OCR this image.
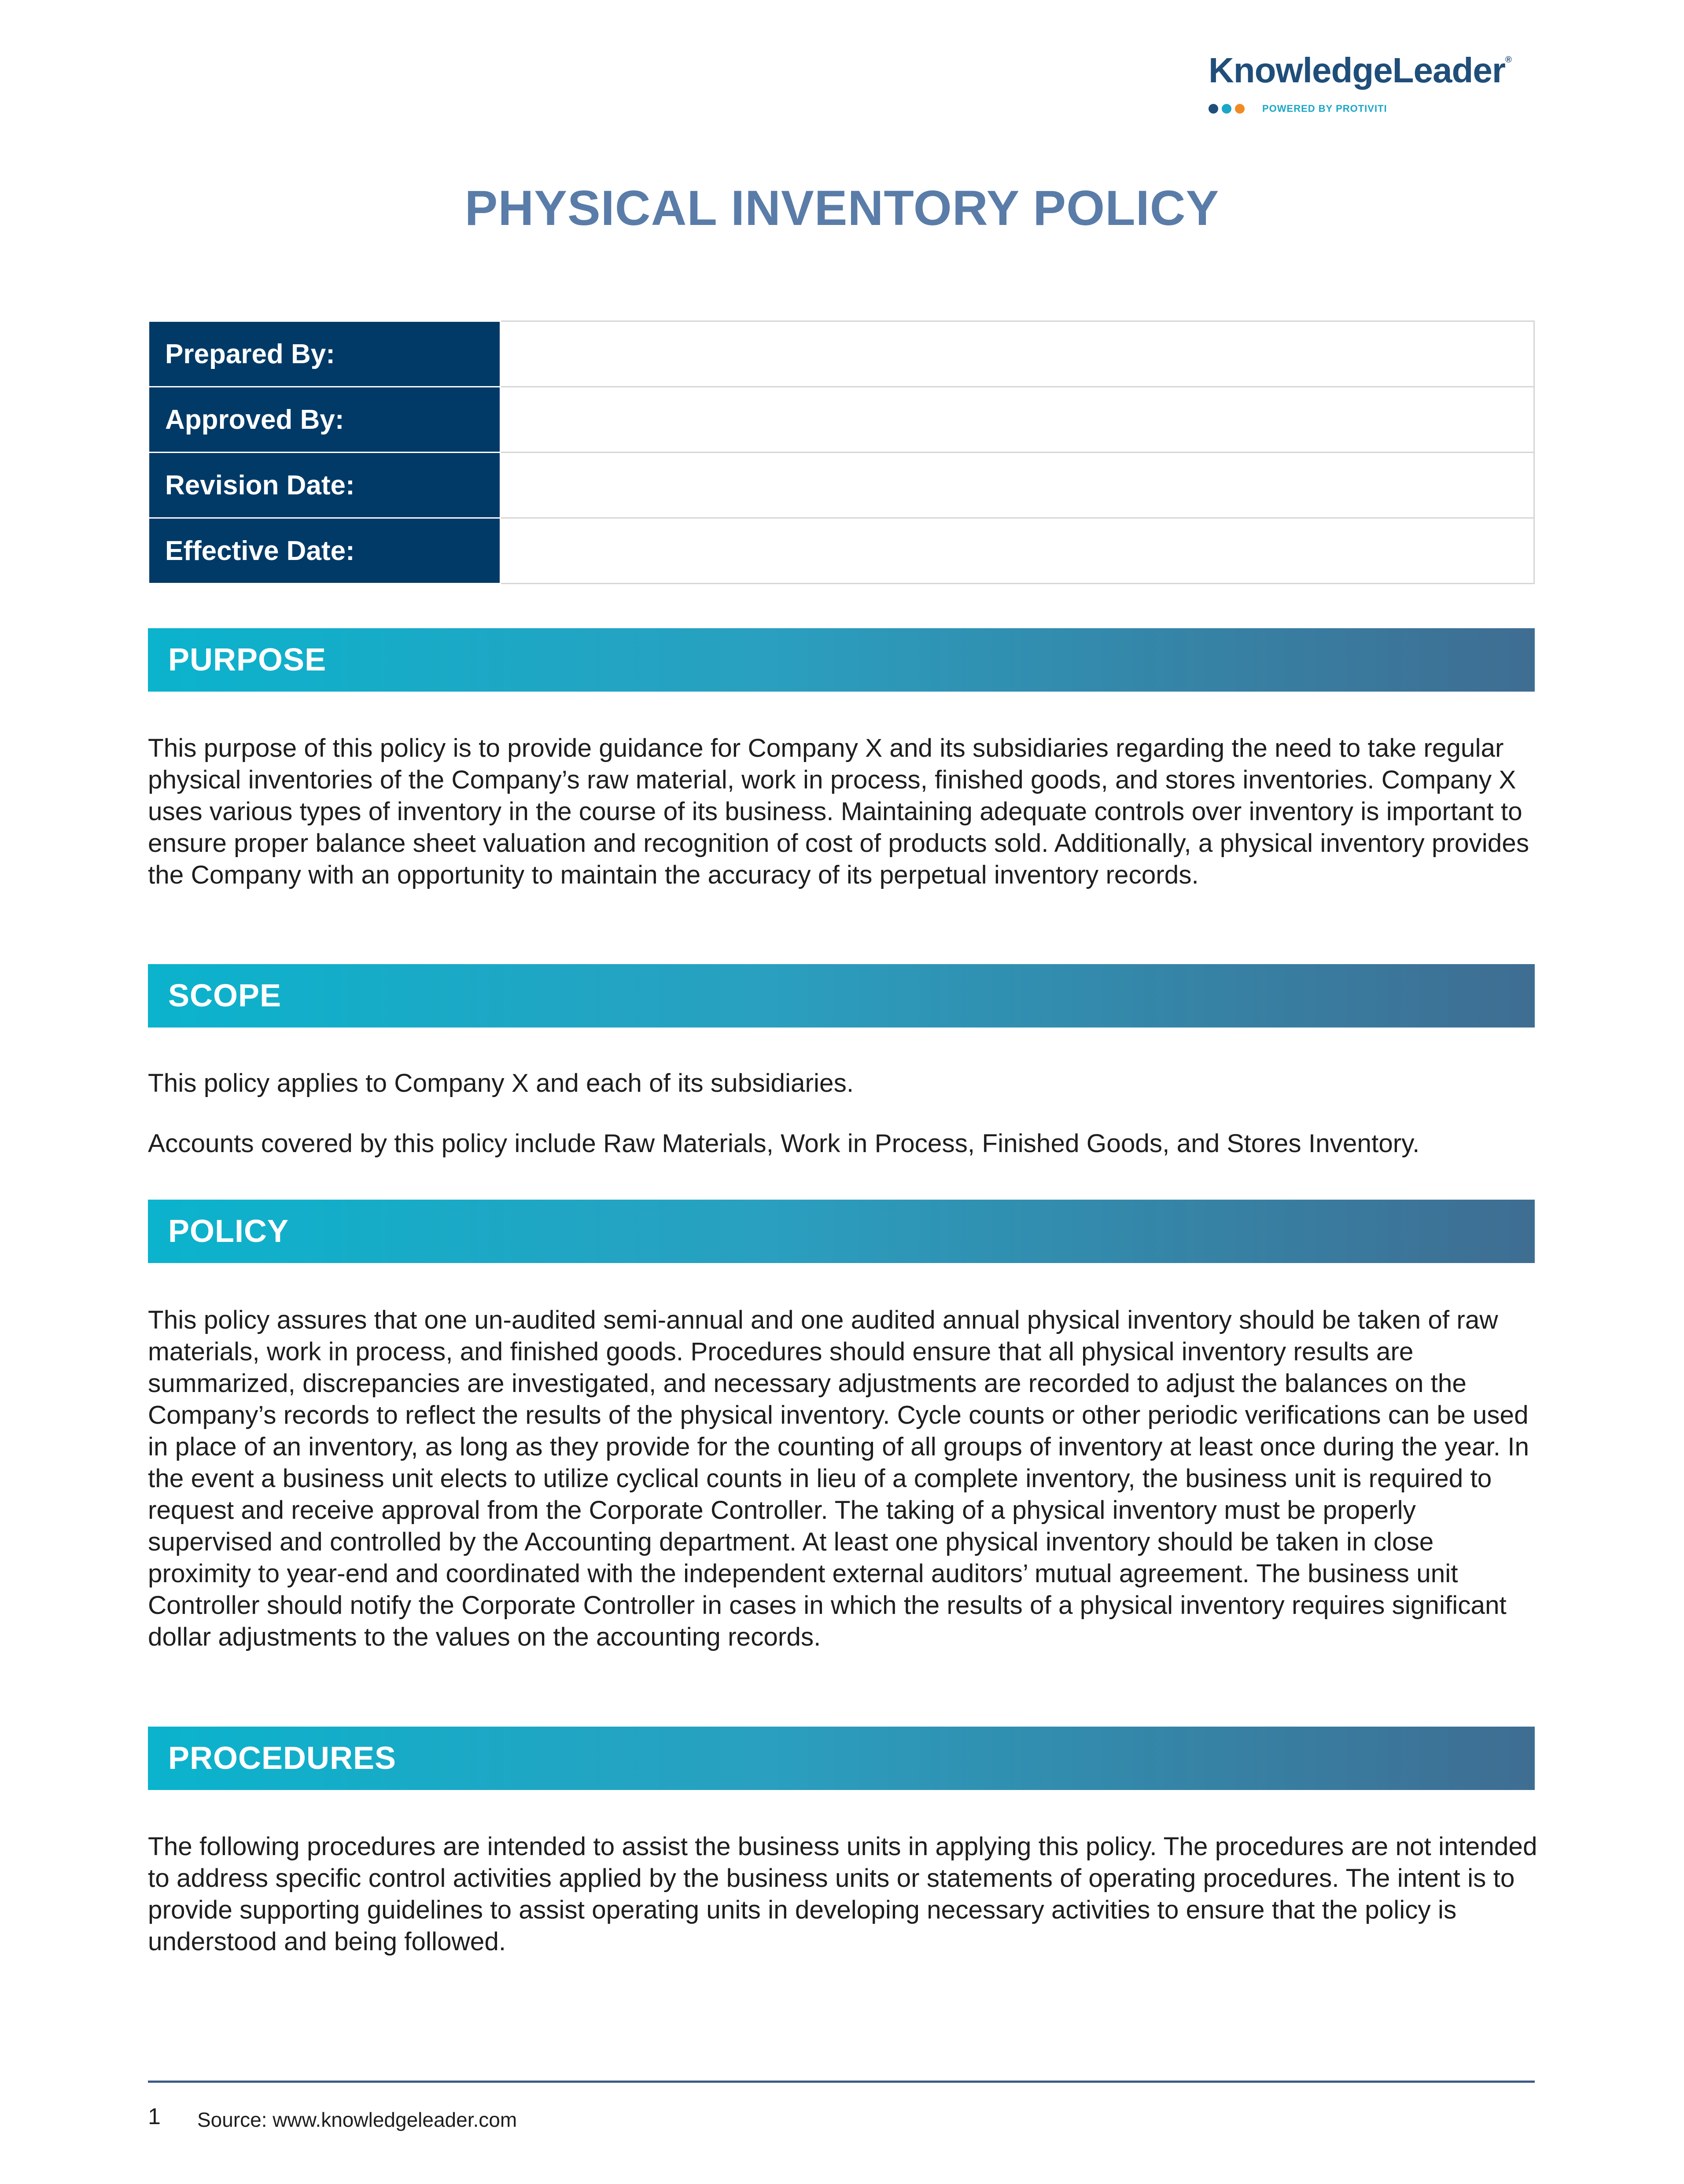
KnowledgeLeader®
POWERED BY PROTIVITI
PHYSICAL INVENTORY POLICY
Prepared By:	
Approved By:	
Revision Date:	
Effective Date:	
PURPOSE

This purpose of this policy is to provide guidance for Company X and its subsidiaries regarding the need to take regular physical inventories of the Company’s raw material, work in process, finished goods, and stores inventories. Company X uses various types of inventory in the course of its business. Maintaining adequate controls over inventory is important to ensure proper balance sheet valuation and recognition of cost of products sold. Additionally, a physical inventory provides the Company with an opportunity to maintain the accuracy of its perpetual inventory records.

SCOPE

This policy applies to Company X and each of its subsidiaries.

Accounts covered by this policy include Raw Materials, Work in Process, Finished Goods, and Stores Inventory.

POLICY

This policy assures that one un-audited semi-annual and one audited annual physical inventory should be taken of raw materials, work in process, and finished goods. Procedures should ensure that all physical inventory results are summarized, discrepancies are investigated, and necessary adjustments are recorded to adjust the balances on the Company’s records to reflect the results of the physical inventory. Cycle counts or other periodic verifications can be used in place of an inventory, as long as they provide for the counting of all groups of inventory at least once during the year. In the event a business unit elects to utilize cyclical counts in lieu of a complete inventory, the business unit is required to request and receive approval from the Corporate Controller. The taking of a physical inventory must be properly supervised and controlled by the Accounting department. At least one physical inventory should be taken in close proximity to year-end and coordinated with the independent external auditors’ mutual agreement. The business unit Controller should notify the Corporate Controller in cases in which the results of a physical inventory requires significant dollar adjustments to the values on the accounting records.

PROCEDURES

The following procedures are intended to assist the business units in applying this policy. The procedures are not intended to address specific control activities applied by the business units or statements of operating procedures. The intent is to provide supporting guidelines to assist operating units in developing necessary activities to ensure that the policy is understood and being followed.

1 Source: www.knowledgeleader.com
